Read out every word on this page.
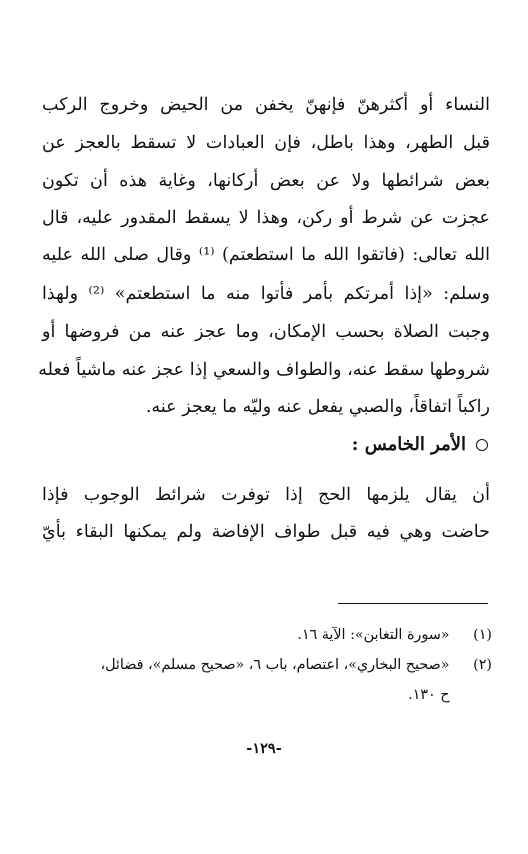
النساء أو أكثرهنّ فإنهنّ يخفن من الحيض وخروج الركب
قبل الطهر، وهذا باطل، فإن العبادات لا تسقط بالعجز عن
بعض شرائطها ولا عن بعض أركانها، وغاية هذه أن تكون
عجزت عن شرط أو ركن، وهذا لا يسقط المقدور عليه، قال
الله تعالى: (فاتقوا الله ما استطعتم) ⁽¹⁾ وقال صلى الله عليه
وسلم: «إذا أمرتكم بأمر فأتوا منه ما استطعتم» ⁽²⁾ ولهذا
وجبت الصلاة بحسب الإمكان، وما عجز عنه من فروضها أو
شروطها سقط عنه، والطواف والسعي إذا عجز عنه ماشياً فعله
راكباً اتفاقاً، والصبي يفعل عنه وليّه ما يعجز عنه.
الأمر الخامس :
أن يقال يلزمها الحج إذا توفرت شرائط الوجوب فإذا
حاضت وهي فيه قبل طواف الإفاضة ولم يمكنها البقاء بأيّ
(١) «سورة التغابن»: الآية ١٦.
(٢) «صحيح البخاري»، اعتصام، باب ٦، «صحيح مسلم»، فضائل،
ح ١٣٠.
-١٢٩-
